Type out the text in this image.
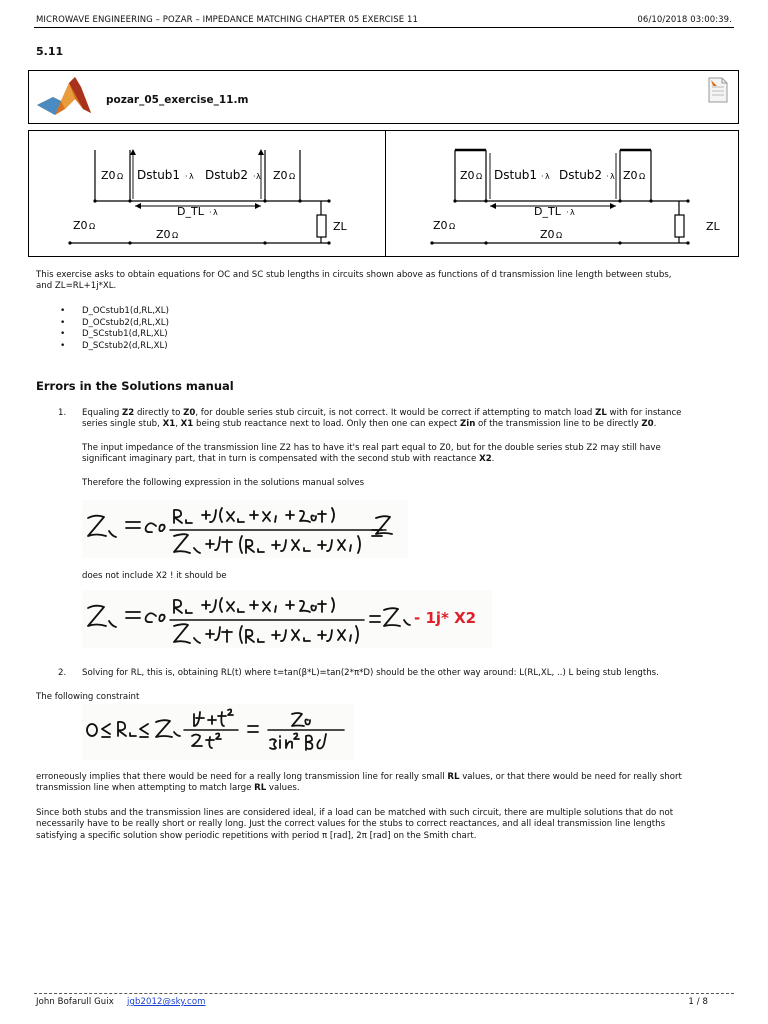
MICROWAVE ENGINEERING – POZAR – IMPEDANCE MATCHING CHAPTER 05 EXERCISE 11	06/10/2018 03:00:39.
5.11
pozar_05_exercise_11.m
Z0 Ω Dstub1 · λ Dstub2 · λ Z0 Ω
D_TL · λ
Z0 Ω
Z0 Ω
ZL
Z0 Ω Dstub1 · λ Dstub2 · λ Z0 Ω
D_TL · λ
Z0 Ω
Z0 Ω
ZL
This exercise asks to obtain equations for OC and SC stub lengths in circuits shown above as functions of d transmission line length between stubs,
and ZL=RL+1j*XL.
• D_OCstub1(d,RL,XL)
• D_OCstub2(d,RL,XL)
• D_SCstub1(d,RL,XL)
• D_SCstub2(d,RL,XL)
Errors in the Solutions manual
1. Equaling Z2 directly to Z0, for double series stub circuit, is not correct. It would be correct if attempting to match load ZL with for instance
series single stub, X1, X1 being stub reactance next to load. Only then one can expect Zin of the transmission line to be directly Z0.
The input impedance of the transmission line Z2 has to have it's real part equal to Z0, but for the double series stub Z2 may still have
significant imaginary part, that in turn is compensated with the second stub with reactance X2.
Therefore the following expression in the solutions manual solves
does not include X2 ! it should be
- 1j* X2
2. Solving for RL, this is, obtaining RL(t) where t=tan(β*L)=tan(2*π*D) should be the other way around: L(RL,XL, ..) L being stub lengths.
The following constraint
erroneously implies that there would be need for a really long transmission line for really small RL values, or that there would be need for really short
transmission line when attempting to match large RL values.
Since both stubs and the transmission lines are considered ideal, if a load can be matched with such circuit, there are multiple solutions that do not
necessarily have to be really short or really long. Just the correct values for the stubs to correct reactances, and all ideal transmission line lengths
satisfying a specific solution show periodic repetitions with period π [rad], 2π [rad] on the Smith chart.
John Bofarull Guix jgb2012@sky.com	1 / 8
